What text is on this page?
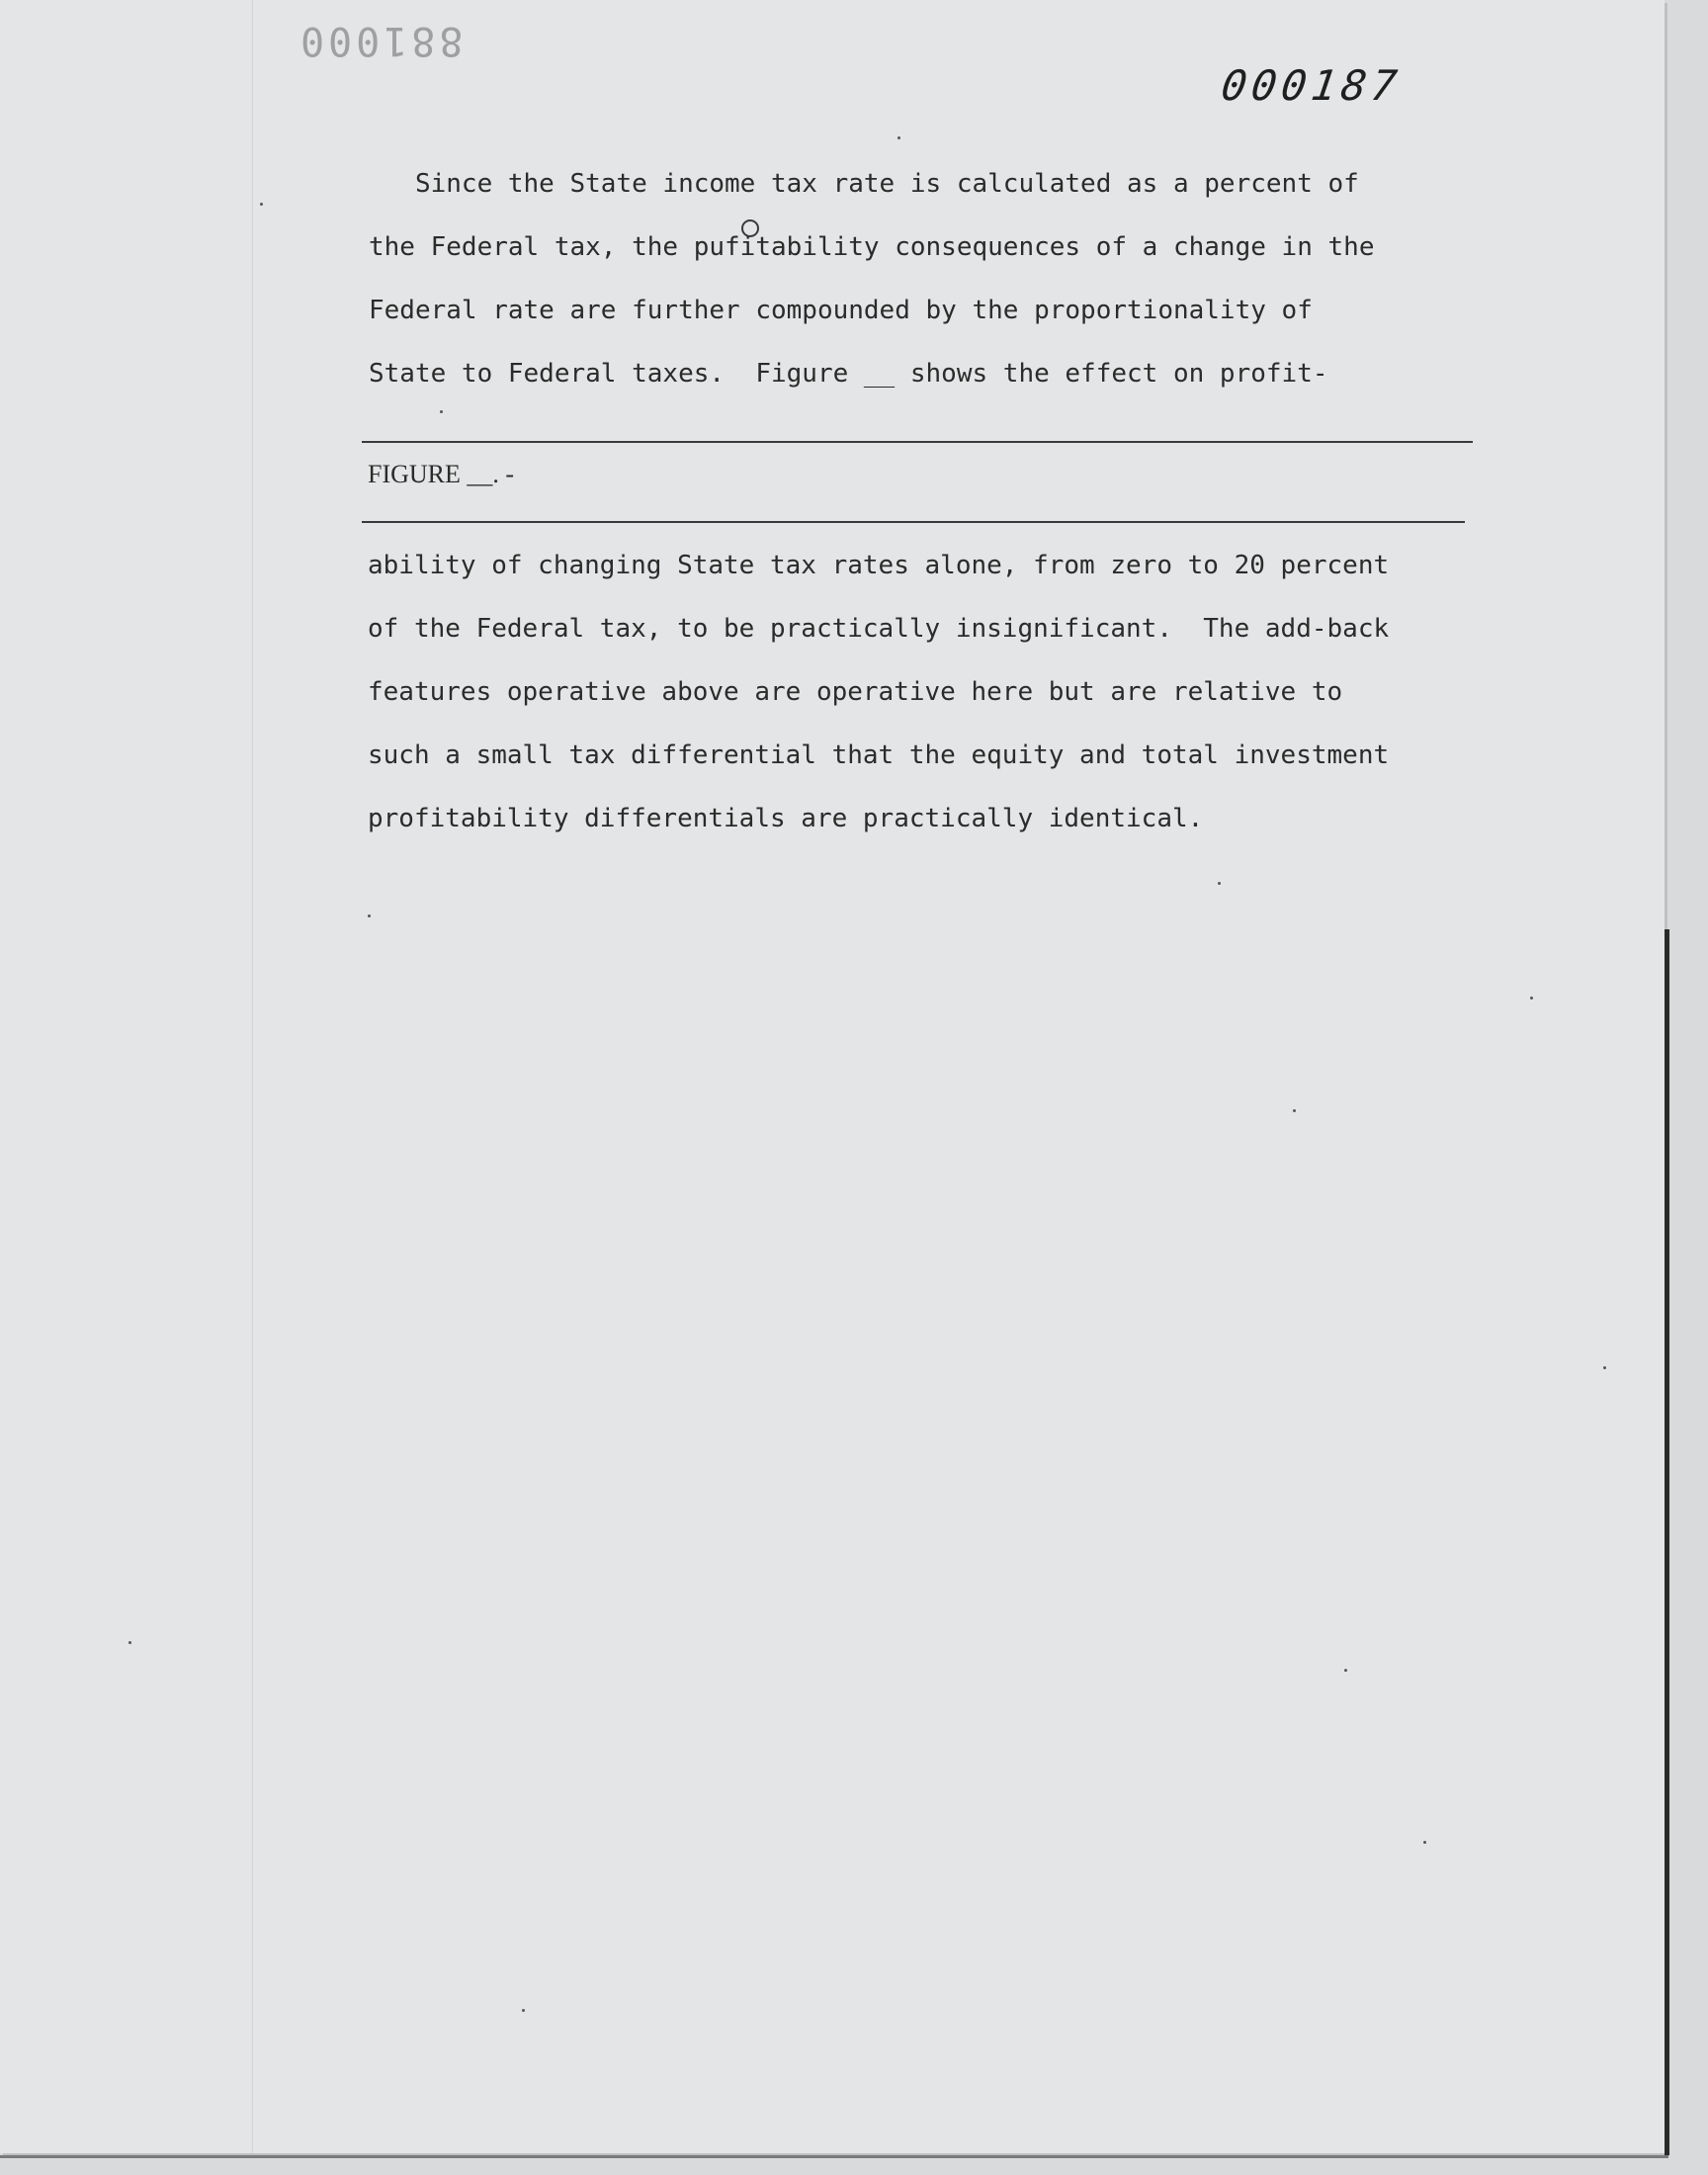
881000
000187
Since the State income tax rate is calculated as a percent of
the Federal tax, the pufitability consequences of a change in the
Federal rate are further compounded by the proportionality of
State to Federal taxes.  Figure __ shows the effect on profit-
FIGURE __. -
ability of changing State tax rates alone, from zero to 20 percent
of the Federal tax, to be practically insignificant.  The add-back
features operative above are operative here but are relative to
such a small tax differential that the equity and total investment
profitability differentials are practically identical.
